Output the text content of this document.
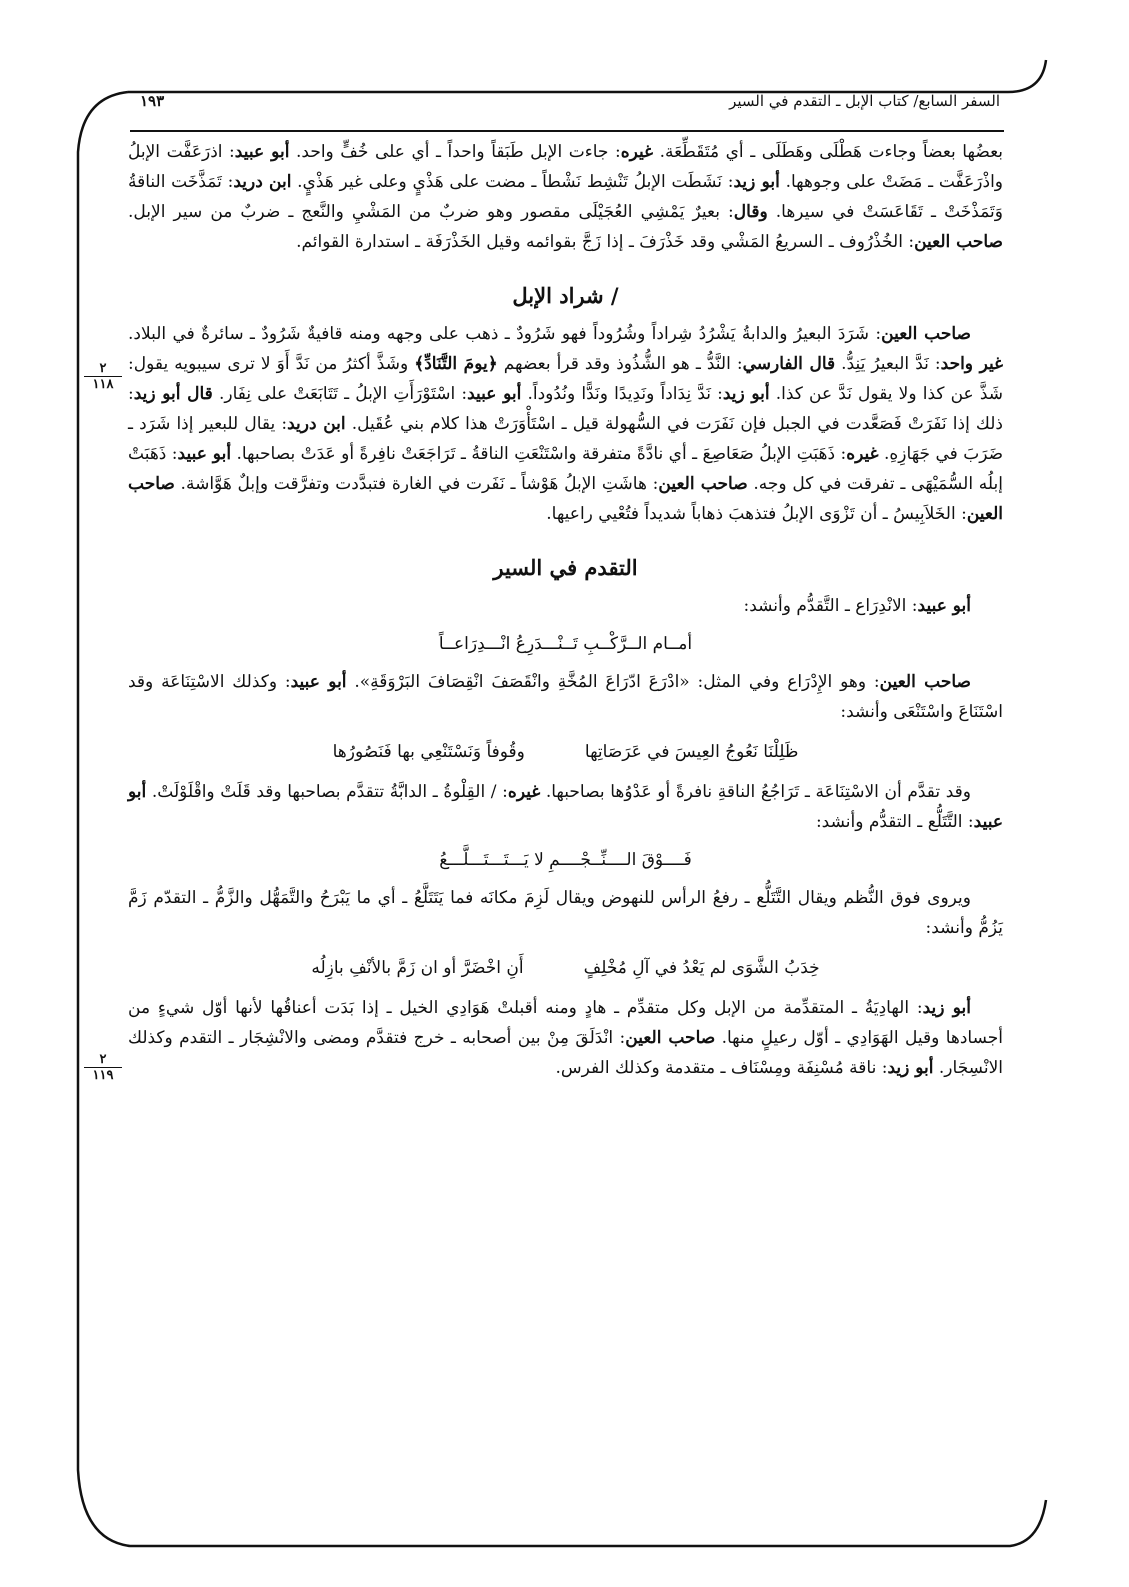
السفر السابع/ كتاب الإبل ـ التقدم في السير
١٩٣
٢
١١٨
٢
١١٩

بعضُها بعضاً وجاءت هَطْلَى وهَطَلَى ـ أي مُتَقَطِّعَة. غيره: جاءت الإبل طَبَقاً واحداً ـ أي على خُفٍّ واحد. أبو عبيد: اذرَعَفَّت الإبلُ واذْرَعَفَّت ـ مَضَتْ على وجوهها. أبو زيد: نَشَطَت الإبلُ تَنْشِط نَشْطاً ـ مضت على هَذْيٍ وعلى غير هَذْيٍ. ابن دريد: تَمَذَّخَت الناقةُ وَتَمَذْخَتْ ـ تَقَاعَسَتْ في سيرها. وقال: بعيرٌ يَمْشِي العُجَيْلَى مقصور وهو ضربٌ من المَشْيِ والنَّعج ـ ضربٌ من سير الإبل. صاحب العين: الخُذْرُوف ـ السريعُ المَشْي وقد خَذْرَفَ ـ إذا زَجَّ بقوائمه وقيل الخَذْرَفَة ـ استدارة القوائم.

/ شراد الإبل

صاحب العين: شَرَدَ البعيرُ والدابةُ يَشْرُدُ شِراداً وشُرُوداً فهو شَرُودٌ ـ ذهب على وجهه ومنه قافيةٌ شَرُودٌ ـ سائرةٌ في البلاد. غير واحد: نَدَّ البعيرُ يَنِدُّ. قال الفارسي: النَّدُّ ـ هو الشُّذُوذ وقد قرأ بعضهم ﴿يومَ التَّنَادِّ﴾ وشَذَّ أكثرُ من نَدَّ أَوَ لا ترى سيبويه يقول: شَذَّ عن كذا ولا يقول نَدَّ عن كذا. أبو زيد: نَدَّ نِدَاداً ونَدِيدًا ونَدًّا ونُدُوداً. أبو عبيد: اسْتَوْرَأَتِ الإبلُ ـ تَتَابَعَتْ على نِفَار. قال أبو زيد: ذلك إذا نَفَرَتْ فَصَعَّدت في الجبل فإن نَفَرَت في السُّهولة قيل ـ اسْتَأْوَرَتْ هذا كلام بني عُقَيل. ابن دريد: يقال للبعير إذا شَرَد ـ ضَرَبَ في جَهَازِهِ. غيره: ذَهَبَتِ الإبلُ صَعَاصِعَ ـ أي نادَّةً متفرقة واسْتَنْعَتِ الناقةُ ـ تَرَاجَعَتْ نافِرةً أو عَدَتْ بصاحبها. أبو عبيد: ذَهَبَتْ إبلُه السُّمَيْهَى ـ تفرقت في كل وجه. صاحب العين: هاشَتِ الإبلُ هَوْشاً ـ نَفَرت في الغارة فتبدَّدت وتفرَّقت وإبلٌ هَوَّاشة. صاحب العين: الخَلاَبِيسُ ـ أن تَزْوَى الإبلُ فتذهبَ ذهاباً شديداً فتُعْيي راعيها.

التقدم في السير

أبو عبيد: الانْدِرَاع ـ التَّقدُّم وأنشد:

أمــام الــرَّكْــبِ تَــنْـــدَرِعُ انْـــدِرَاعــاً

صاحب العين: وهو الإِدْرَاع وفي المثل: «ادْرَعَ ادّرَاعَ المُخَّةِ وانْقَصَفَ انْقِصَافَ البَرْوَقَةِ». أبو عبيد: وكذلك الاسْتِنَاعَة وقد اسْتَنَاعَ واسْتَنْعَى وأنشد:

ظَلِلْنَا نَعُوجُ العِيسَ في عَرَصَاتِها
وقُوفاً وَنَسْتَنْعِي بها فَنَصُورُها

وقد تقدَّم أن الاسْتِنَاعَة ـ تَرَاجُعُ الناقةِ نافرةً أو عَدْوُها بصاحبها. غيره: / القِلْوةُ ـ الدابَّةُ تتقدَّم بصاحبها وقد قَلَتْ واقْلَوْلَتْ. أبو عبيد: التَّتَلُّع ـ التقدُّم وأنشد:

فَــــوْقَ الــــنِّــجْــــمِ لا يَـــتَـــتَـــلَّـــعُ

ويروى فوق النُّظم ويقال التَّتَلُّع ـ رفعُ الرأس للنهوض ويقال لَزِمَ مكانَه فما يَتَتَلَّعُ ـ أي ما يَبْرَحُ والتَّمَهُّل والزَّمُّ ـ التقدّم زَمَّ يَزُمُّ وأنشد:

خِدَبُ الشَّوَى لم يَعْدُ في آلِ مُخْلِفٍ
أَنِ اخْضَرَّ أو ان زَمَّ بالأنْفِ بازِلُه

أبو زيد: الهادِيَةُ ـ المتقدِّمة من الإبل وكل متقدِّم ـ هادٍ ومنه أقبلتْ هَوَادِي الخيل ـ إذا بَدَت أعناقُها لأنها أوّل شيءٍ من أجسادها وقيل الهَوَادِي ـ أوّل رعيلٍ منها. صاحب العين: انْدَلَقَ مِنْ بين أصحابه ـ خرج فتقدَّم ومضى والانْشِجَار ـ التقدم وكذلك الانْسِجَار. أبو زيد: ناقة مُسْنِفَة ومِسْنَاف ـ متقدمة وكذلك الفرس.
